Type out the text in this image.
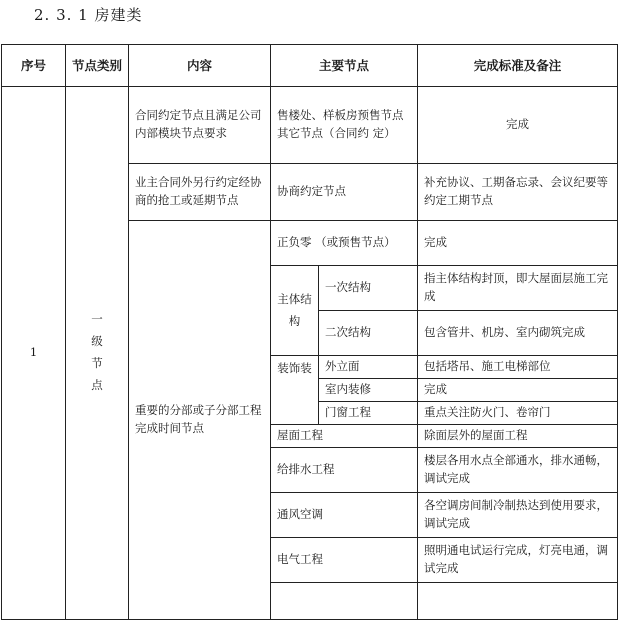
2. 3. 1 房建类
序号	节点类别	内容	主要节点		完成标准及备注
1	一级节点	合同约定节点且满足公司内部模块节点要求	售楼处、样板房预售节点其它节点（合同约 定）		完成
		业主合同外另行约定经协商的抢工或延期节点	协商约定节点		补充协议、工期备忘录、会议纪要等约定工期节点
		重要的分部或子分部工程完成时间节点	正负零 （或预售节点）		完成
			主体结构	一次结构	指主体结构封顶，即大屋面层施工完成
				二次结构	包含管井、机房、室内砌筑完成
			装饰装	外立面	包括塔吊、施工电梯部位
				室内装修	完成
				门窗工程	重点关注防火门、卷帘门
			屋面工程		除面层外的屋面工程
			给排水工程		楼层各用水点全部通水，排水通畅，调试完成
			通风空调		各空调房间制冷制热达到使用要求，调试完成
			电气工程		照明通电试运行完成，灯亮电通，调试完成
